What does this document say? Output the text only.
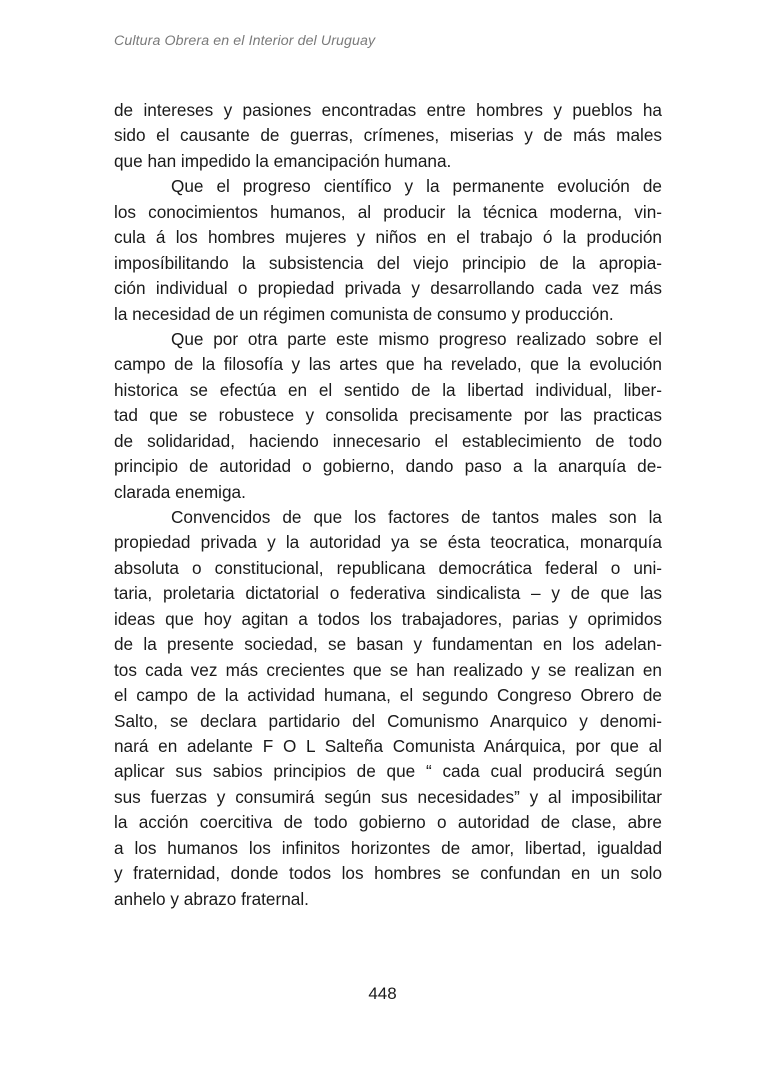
Cultura Obrera en el Interior del Uruguay

de intereses y pasiones encontradas entre hombres y pueblos ha
sido el causante de guerras, crímenes, miserias y de más males
que han impedido la emancipación humana.

Que el progreso científico y la permanente evolución de
los conocimientos humanos, al producir la técnica moderna, vin-
cula á los hombres mujeres y niños en el trabajo ó la produción
imposíbilitando la subsistencia del viejo principio de la apropia-
ción individual o propiedad privada y desarrollando cada vez más
la necesidad de un régimen comunista de consumo y producción.

Que por otra parte este mismo progreso realizado sobre el
campo de la filosofía y las artes que ha revelado, que la evolución
historica se efectúa en el sentido de la libertad individual, liber-
tad que se robustece y consolida precisamente por las practicas
de solidaridad, haciendo innecesario el establecimiento de todo
principio de autoridad o gobierno, dando paso a la anarquía de-
clarada enemiga.

Convencidos de que los factores de tantos males son la
propiedad privada y la autoridad ya se ésta teocratica, monarquía
absoluta o constitucional, republicana democrática federal o uni-
taria, proletaria dictatorial o federativa sindicalista – y de que las
ideas que hoy agitan a todos los trabajadores, parias y oprimidos
de la presente sociedad, se basan y fundamentan en los adelan-
tos cada vez más crecientes que se han realizado y se realizan en
el campo de la actividad humana, el segundo Congreso Obrero de
Salto, se declara partidario del Comunismo Anarquico y denomi-
nará en adelante F O L Salteña Comunista Anárquica, por que al
aplicar sus sabios principios de que “ cada cual producirá según
sus fuerzas y consumirá según sus necesidades” y al imposibilitar
la acción coercitiva de todo gobierno o autoridad de clase, abre
a los humanos los infinitos horizontes de amor, libertad, igualdad
y fraternidad, donde todos los hombres se confundan en un solo
anhelo y abrazo fraternal.

448
